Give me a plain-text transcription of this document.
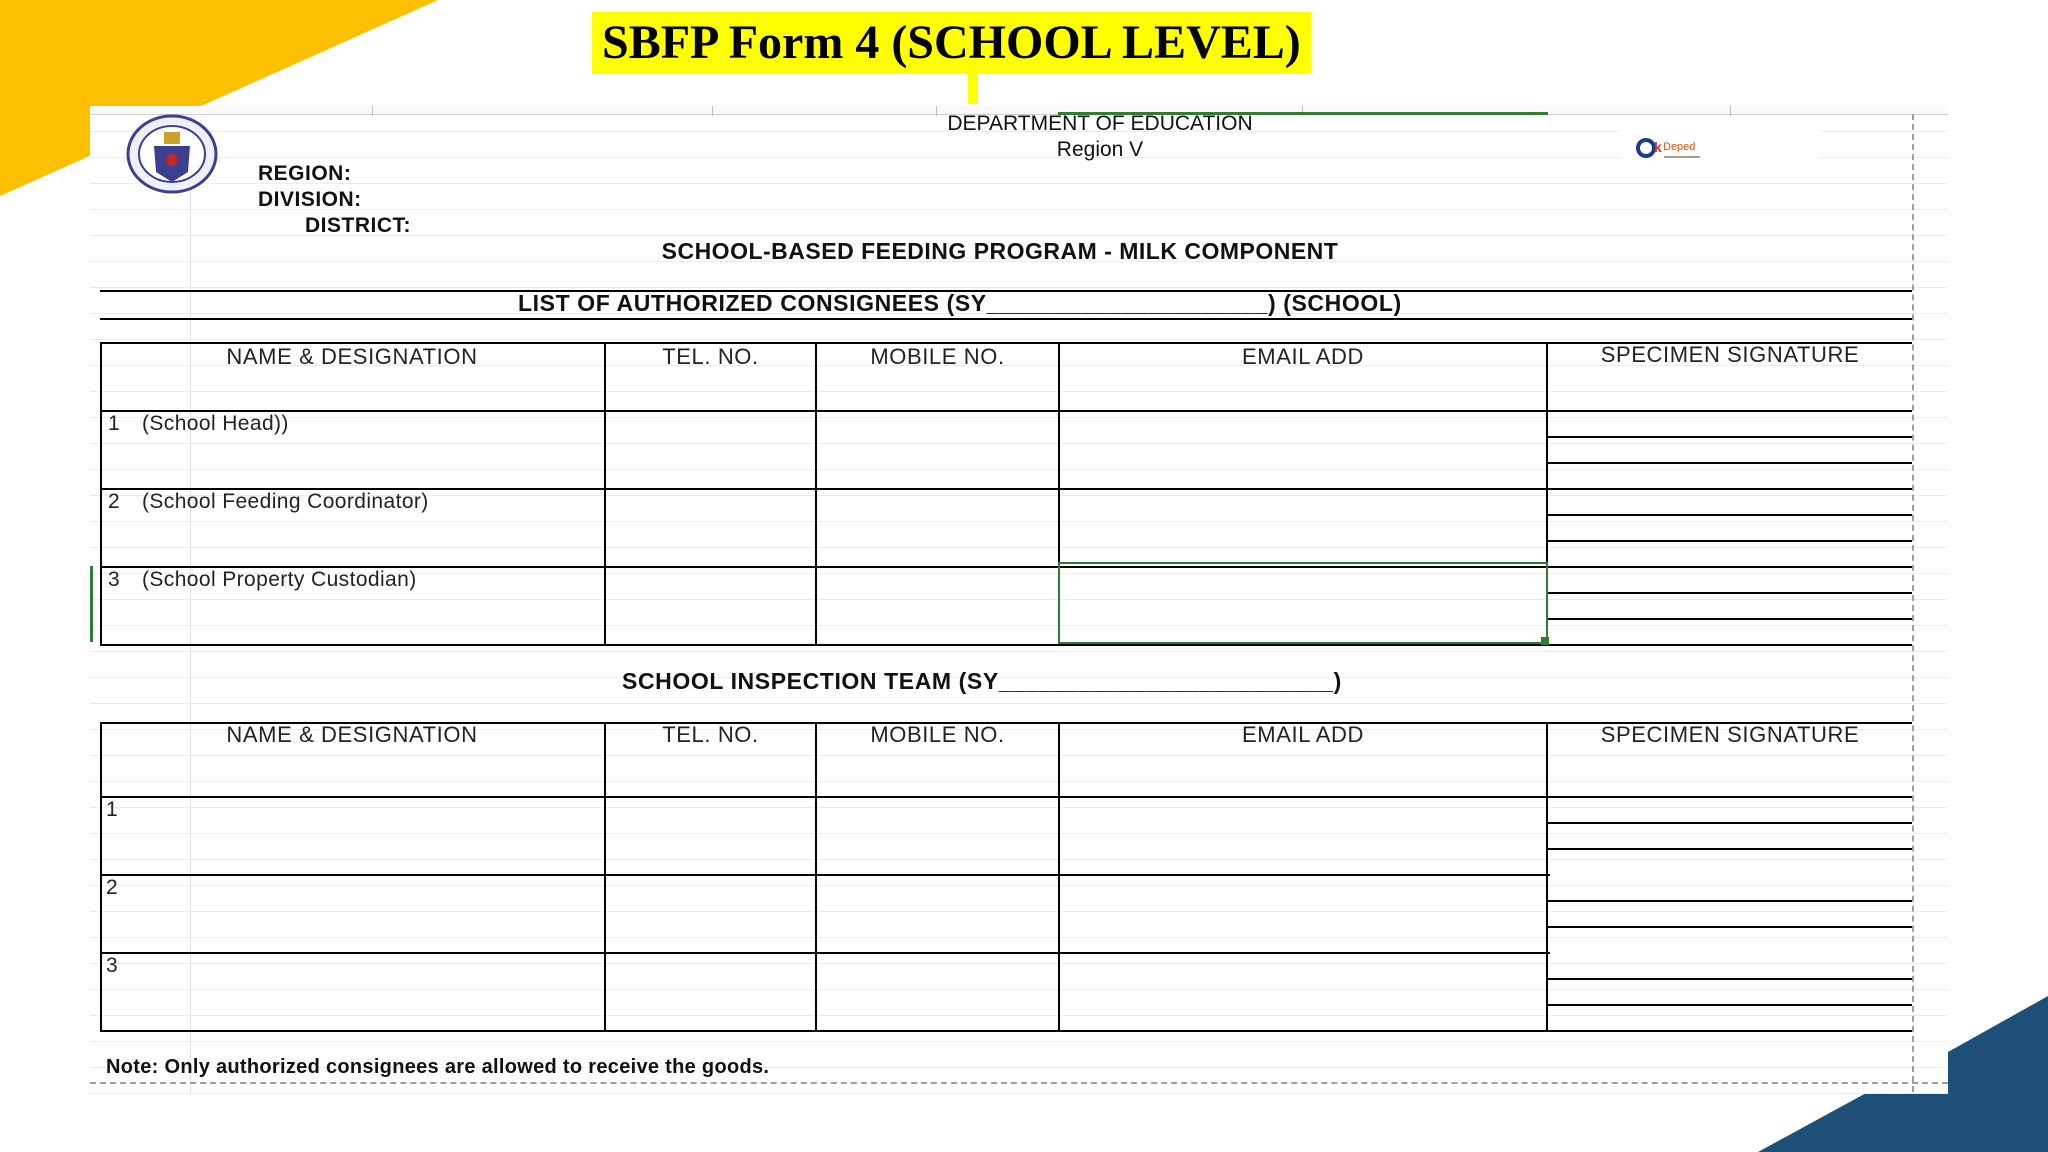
SBFP Form 4 (SCHOOL LEVEL)
k Deped
DEPARTMENT OF EDUCATION
Region V
REGION:
DIVISION:
DISTRICT:
SCHOOL-BASED FEEDING PROGRAM - MILK COMPONENT
LIST OF AUTHORIZED CONSIGNEES (SY_____________________) (SCHOOL)
NAME & DESIGNATION	TEL. NO.	MOBILE NO.	EMAIL ADD	SPECIMEN SIGNATURE
1 (School Head))
2 (School Feeding Coordinator)
3 (School Property Custodian)
SCHOOL INSPECTION TEAM (SY_________________________)
NAME & DESIGNATION	TEL. NO.	MOBILE NO.	EMAIL ADD	SPECIMEN SIGNATURE
1
2
3
Note: Only authorized consignees are allowed to receive the goods.
